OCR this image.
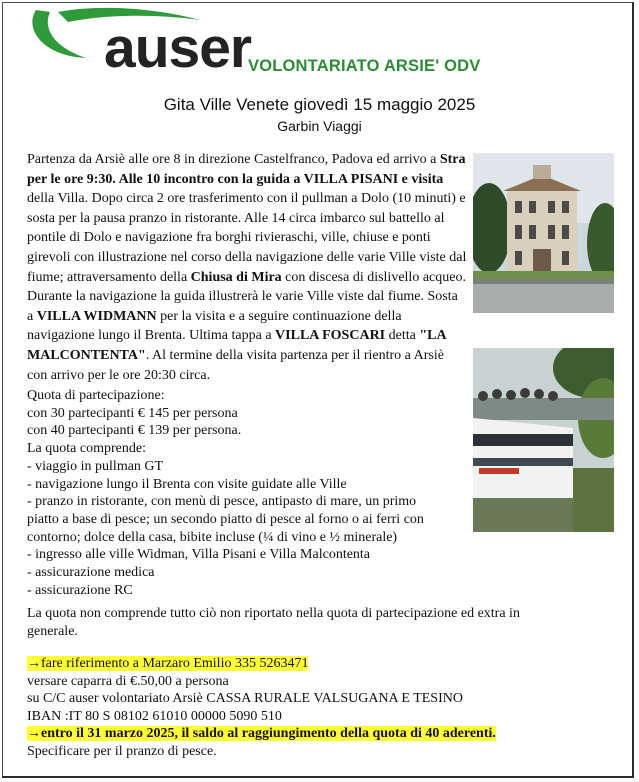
auser
VOLONTARIATO ARSIE' ODV
Gita Ville Venete giovedì 15 maggio 2025
Garbin Viaggi

Partenza da Arsiè alle ore 8 in direzione Castelfranco, Padova ed arrivo a Stra per le ore 9:30. Alle 10 incontro con la guida a VILLA PISANI e visita della Villa. Dopo circa 2 ore trasferimento con il pullman a Dolo (10 minuti) e sosta per la pausa pranzo in ristorante. Alle 14 circa imbarco sul battello al pontile di Dolo e navigazione fra borghi rivieraschi, ville, chiuse e ponti girevoli con illustrazione nel corso della navigazione delle varie Ville viste dal fiume; attraversamento della Chiusa di Mira con discesa di dislivello acqueo. Durante la navigazione la guida illustrerà le varie Ville viste dal fiume. Sosta a VILLA WIDMANN per la visita e a seguire continuazione della navigazione lungo il Brenta. Ultima tappa a VILLA FOSCARI detta "LA MALCONTENTA". Al termine della visita partenza per il rientro a Arsiè con arrivo per le ore 20:30 circa.

Quota di partecipazione:
con 30 partecipanti € 145 per persona
con 40 partecipanti € 139 per persona.
La quota comprende:
- viaggio in pullman GT
- navigazione lungo il Brenta con visite guidate alle Ville
- pranzo in ristorante, con menù di pesce, antipasto di mare, un primo
piatto a base di pesce; un secondo piatto di pesce al forno o ai ferri con
contorno; dolce della casa, bibite incluse (¼ di vino e ½ minerale)
- ingresso alle ville Widman, Villa Pisani e Villa Malcontenta
- assicurazione medica
- assicurazione RC
La quota non comprende tutto ciò non riportato nella quota di partecipazione ed extra in
generale.
→fare riferimento a Marzaro Emilio 335 5263471
versare caparra di €.50,00 a persona
su C/C auser volontariato Arsiè CASSA RURALE VALSUGANA E TESINO
IBAN :IT 80 S 08102 61010 00000 5090 510
→entro il 31 marzo 2025, il saldo al raggiungimento della quota di 40 aderenti.
Specificare per il pranzo di pesce.
